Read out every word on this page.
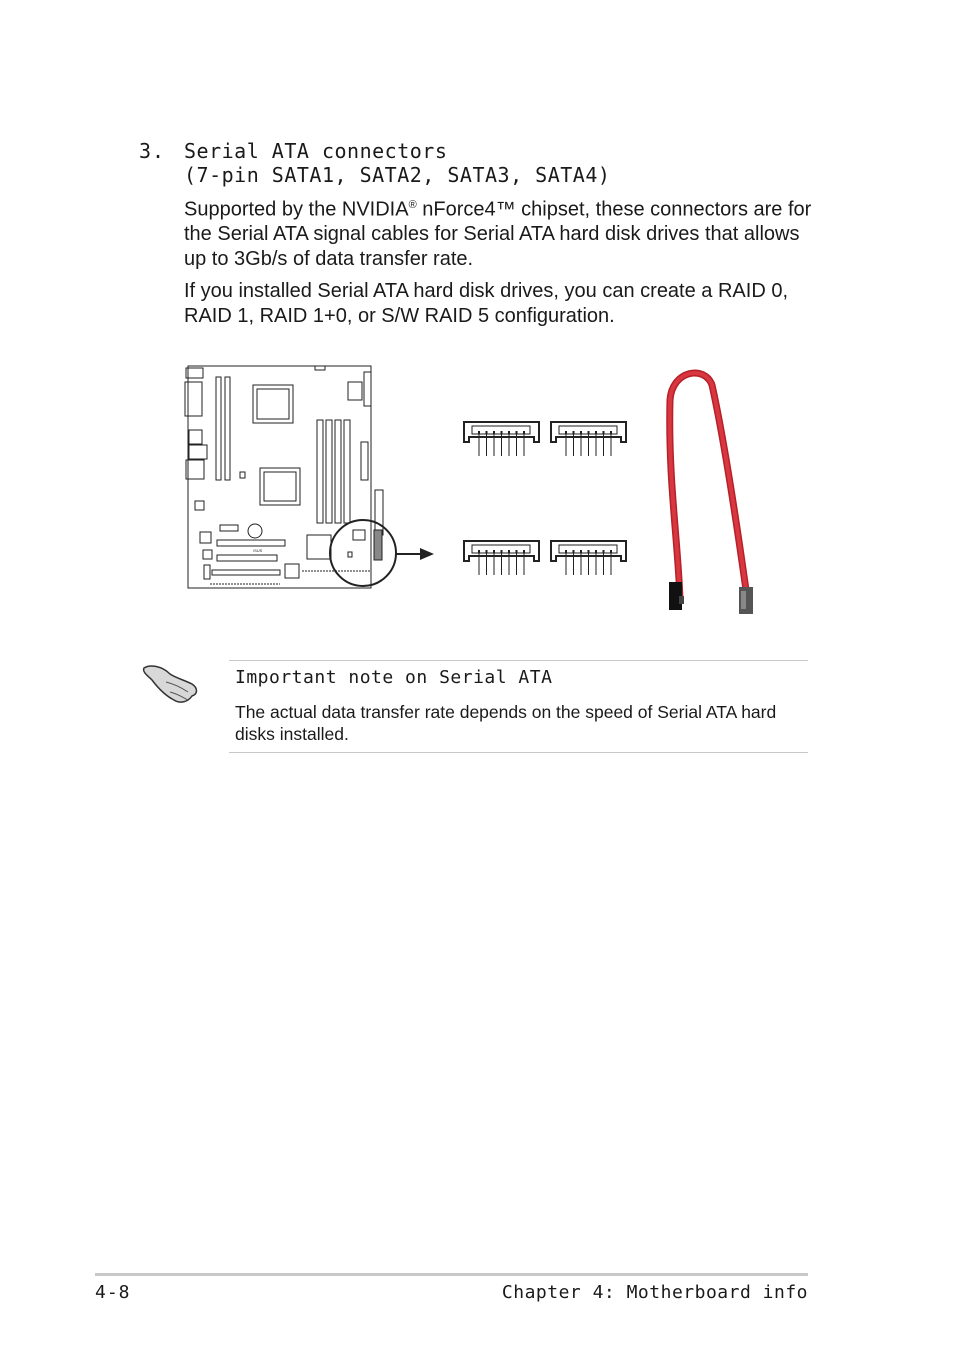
3. Serial ATA connectors
(7-pin SATA1, SATA2, SATA3, SATA4)
Supported by the NVIDIA® nForce4™ chipset, these connectors are for the Serial ATA signal cables for Serial ATA hard disk drives that allows up to 3Gb/s of data transfer rate.
If you installed Serial ATA hard disk drives, you can create a RAID 0, RAID 1, RAID 1+0, or S/W RAID 5 configuration.
/SUS
Important note on Serial ATA
The actual data transfer rate depends on the speed of Serial ATA hard disks installed.
4-8	Chapter 4: Motherboard info
